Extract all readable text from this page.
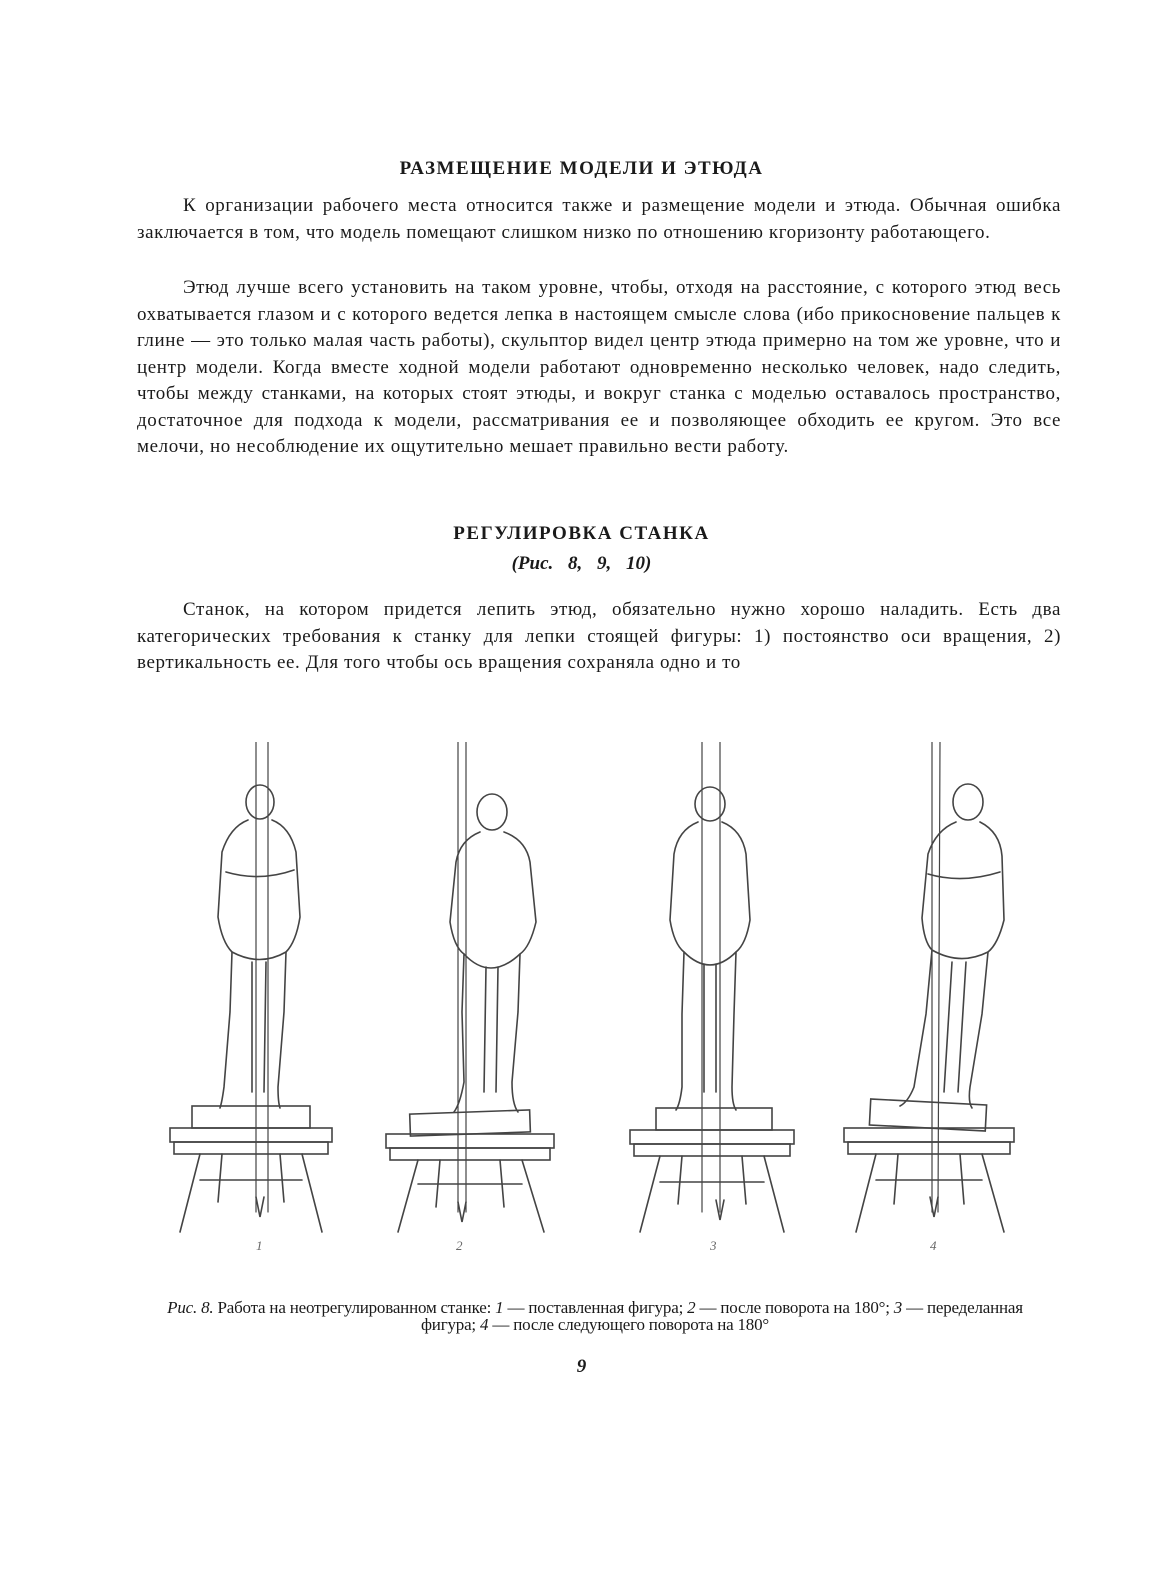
РАЗМЕЩЕНИЕ МОДЕЛИ И ЭТЮДА

К организации рабочего места относится также и размещение модели и этюда. Обычная ошибка заключается в том, что модель помещают слишком низко по отношению кгоризонту работающего.

Этюд лучше всего установить на таком уровне, чтобы, отходя на расстояние, с которого этюд весь охватывается глазом и с которого ведется лепка в настоящем смысле слова (ибо прикосновение пальцев к глине — это только малая часть работы), скульптор видел центр этюда примерно на том же уровне, что и центр модели. Когда вместе ходной модели работают одновременно несколько человек, надо следить, чтобы между станками, на которых стоят этюды, и вокруг станка с моделью оставалось пространство, достаточное для подхода к модели, рассматривания ее и позволяющее обходить ее кругом. Это все мелочи, но несоблюдение их ощутительно мешает правильно вести работу.

РЕГУЛИРОВКА СТАНКА
(Рис. 8, 9, 10)

Станок, на котором придется лепить этюд, обязательно нужно хорошо наладить. Есть два категорических требования к станку для лепки стоящей фигуры: 1) постоянство оси вращения, 2) вертикальность ее. Для того чтобы ось вращения сохраняла одно и то

1	2	3	4
Рис. 8. Работа на неотрегулированном станке: 1 — поставленная фигура; 2 — после поворота на 180°; 3 — переделанная фигура; 4 — после следующего поворота на 180°
9
